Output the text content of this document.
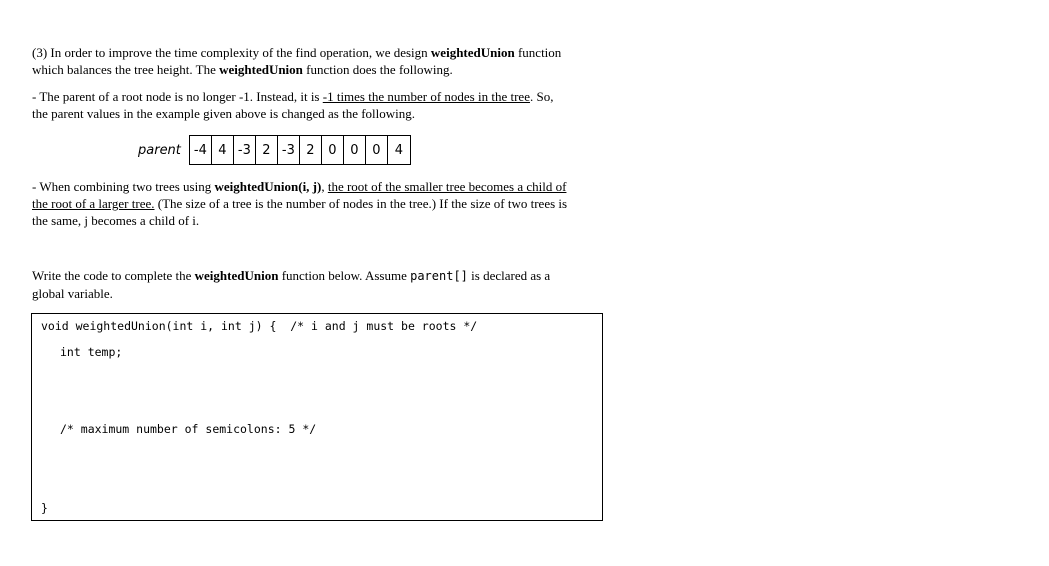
(3) In order to improve the time complexity of the find operation, we design weightedUnion function
which balances the tree height. The weightedUnion function does the following.
- The parent of a root node is no longer -1. Instead, it is -1 times the number of nodes in the tree. So,
the parent values in the example given above is changed as the following.
parent	-4 4 -3 2 -3 2	0	0	0	4
- When combining two trees using weightedUnion(i, j), the root of the smaller tree becomes a child of
the root of a larger tree. (The size of a tree is the number of nodes in the tree.) If the size of two trees is
the same, j becomes a child of i.
Write the code to complete the weightedUnion function below. Assume parent[] is declared as a
global variable.
void weightedUnion(int i, int j) {  /* i and j must be roots */
int temp;
/* maximum number of semicolons: 5 */
}
